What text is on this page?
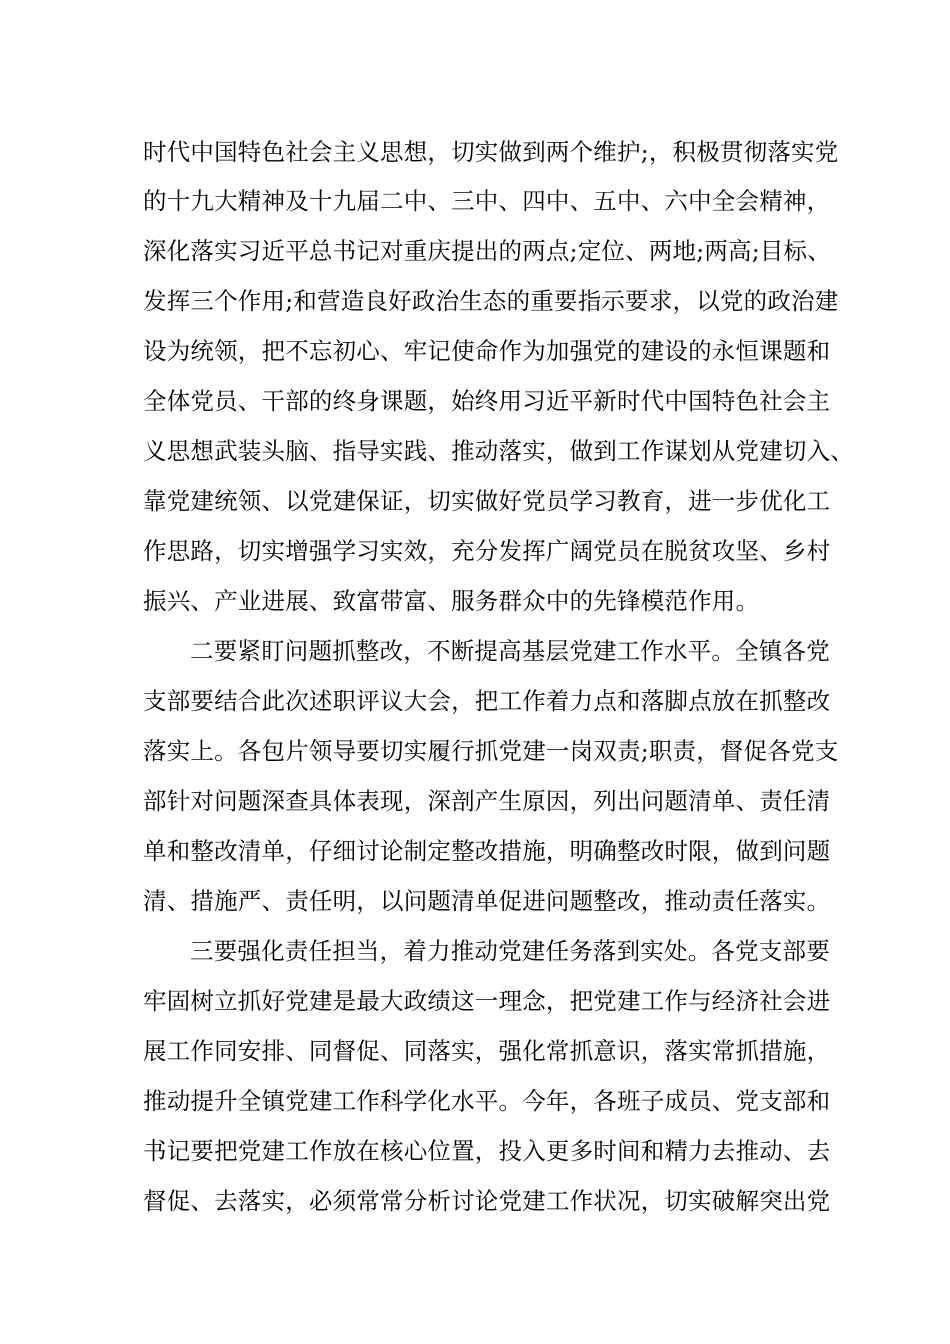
时代中国特色社会主义思想，切实做到两个维护;，积极贯彻落实党
的十九大精神及十九届二中、三中、四中、五中、六中全会精神，
深化落实习近平总书记对重庆提出的两点;定位、两地;两高;目标、
发挥三个作用;和营造良好政治生态的重要指示要求，以党的政治建
设为统领，把不忘初心、牢记使命作为加强党的建设的永恒课题和
全体党员、干部的终身课题，始终用习近平新时代中国特色社会主
义思想武装头脑、指导实践、推动落实，做到工作谋划从党建切入、
靠党建统领、以党建保证，切实做好党员学习教育，进一步优化工
作思路，切实增强学习实效，充分发挥广阔党员在脱贫攻坚、乡村
振兴、产业进展、致富带富、服务群众中的先锋模范作用。
二要紧盯问题抓整改，不断提高基层党建工作水平。全镇各党
支部要结合此次述职评议大会，把工作着力点和落脚点放在抓整改
落实上。各包片领导要切实履行抓党建一岗双责;职责，督促各党支
部针对问题深查具体表现，深剖产生原因，列出问题清单、责任清
单和整改清单，仔细讨论制定整改措施，明确整改时限，做到问题
清、措施严、责任明，以问题清单促进问题整改，推动责任落实。
三要强化责任担当，着力推动党建任务落到实处。各党支部要
牢固树立抓好党建是最大政绩这一理念，把党建工作与经济社会进
展工作同安排、同督促、同落实，强化常抓意识，落实常抓措施，
推动提升全镇党建工作科学化水平。今年，各班子成员、党支部和
书记要把党建工作放在核心位置，投入更多时间和精力去推动、去
督促、去落实，必须常常分析讨论党建工作状况，切实破解突出党
